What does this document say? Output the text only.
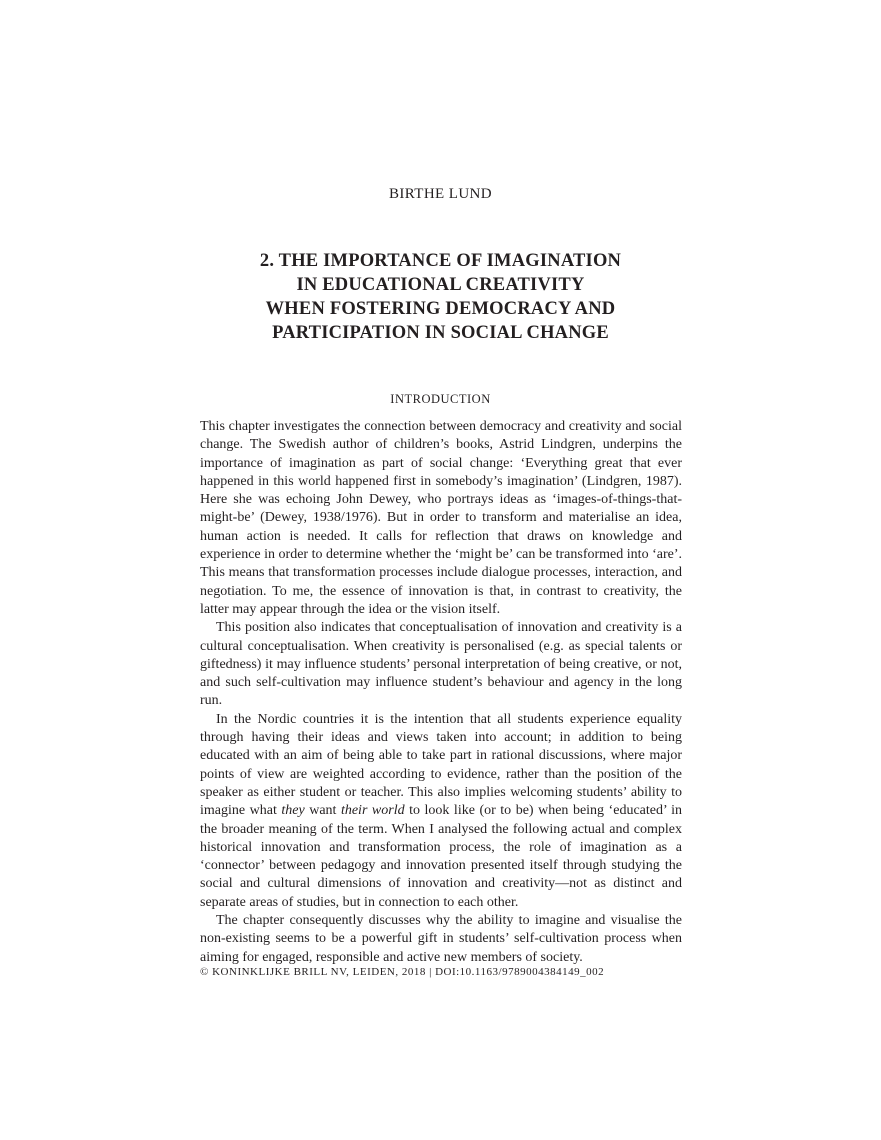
BIRTHE LUND
2. THE IMPORTANCE OF IMAGINATION
IN EDUCATIONAL CREATIVITY
WHEN FOSTERING DEMOCRACY AND
PARTICIPATION IN SOCIAL CHANGE
INTRODUCTION

This chapter investigates the connection between democracy and creativity and social change. The Swedish author of children’s books, Astrid Lindgren, underpins the importance of imagination as part of social change: ‘Everything great that ever happened in this world happened first in somebody’s imagination’ (Lindgren, 1987). Here she was echoing John Dewey, who portrays ideas as ‘images-of-things-that-might-be’ (Dewey, 1938/1976). But in order to transform and materialise an idea, human action is needed. It calls for reflection that draws on knowledge and experience in order to determine whether the ‘might be’ can be transformed into ‘are’. This means that transformation processes include dialogue processes, interaction, and negotiation. To me, the essence of innovation is that, in contrast to creativity, the latter may appear through the idea or the vision itself.

This position also indicates that conceptualisation of innovation and creativity is a cultural conceptualisation. When creativity is personalised (e.g. as special talents or giftedness) it may influence students’ personal interpretation of being creative, or not, and such self-cultivation may influence student’s behaviour and agency in the long run.

In the Nordic countries it is the intention that all students experience equality through having their ideas and views taken into account; in addition to being educated with an aim of being able to take part in rational discussions, where major points of view are weighted according to evidence, rather than the position of the speaker as either student or teacher. This also implies welcoming students’ ability to imagine what they want their world to look like (or to be) when being ‘educated’ in the broader meaning of the term. When I analysed the following actual and complex historical innovation and transformation process, the role of imagination as a ‘connector’ between pedagogy and innovation presented itself through studying the social and cultural dimensions of innovation and creativity—not as distinct and separate areas of studies, but in connection to each other.

The chapter consequently discusses why the ability to imagine and visualise the non-existing seems to be a powerful gift in students’ self-cultivation process when aiming for engaged, responsible and active new members of society.

© KONINKLIJKE BRILL NV, LEIDEN, 2018 | DOI:10.1163/9789004384149_002
